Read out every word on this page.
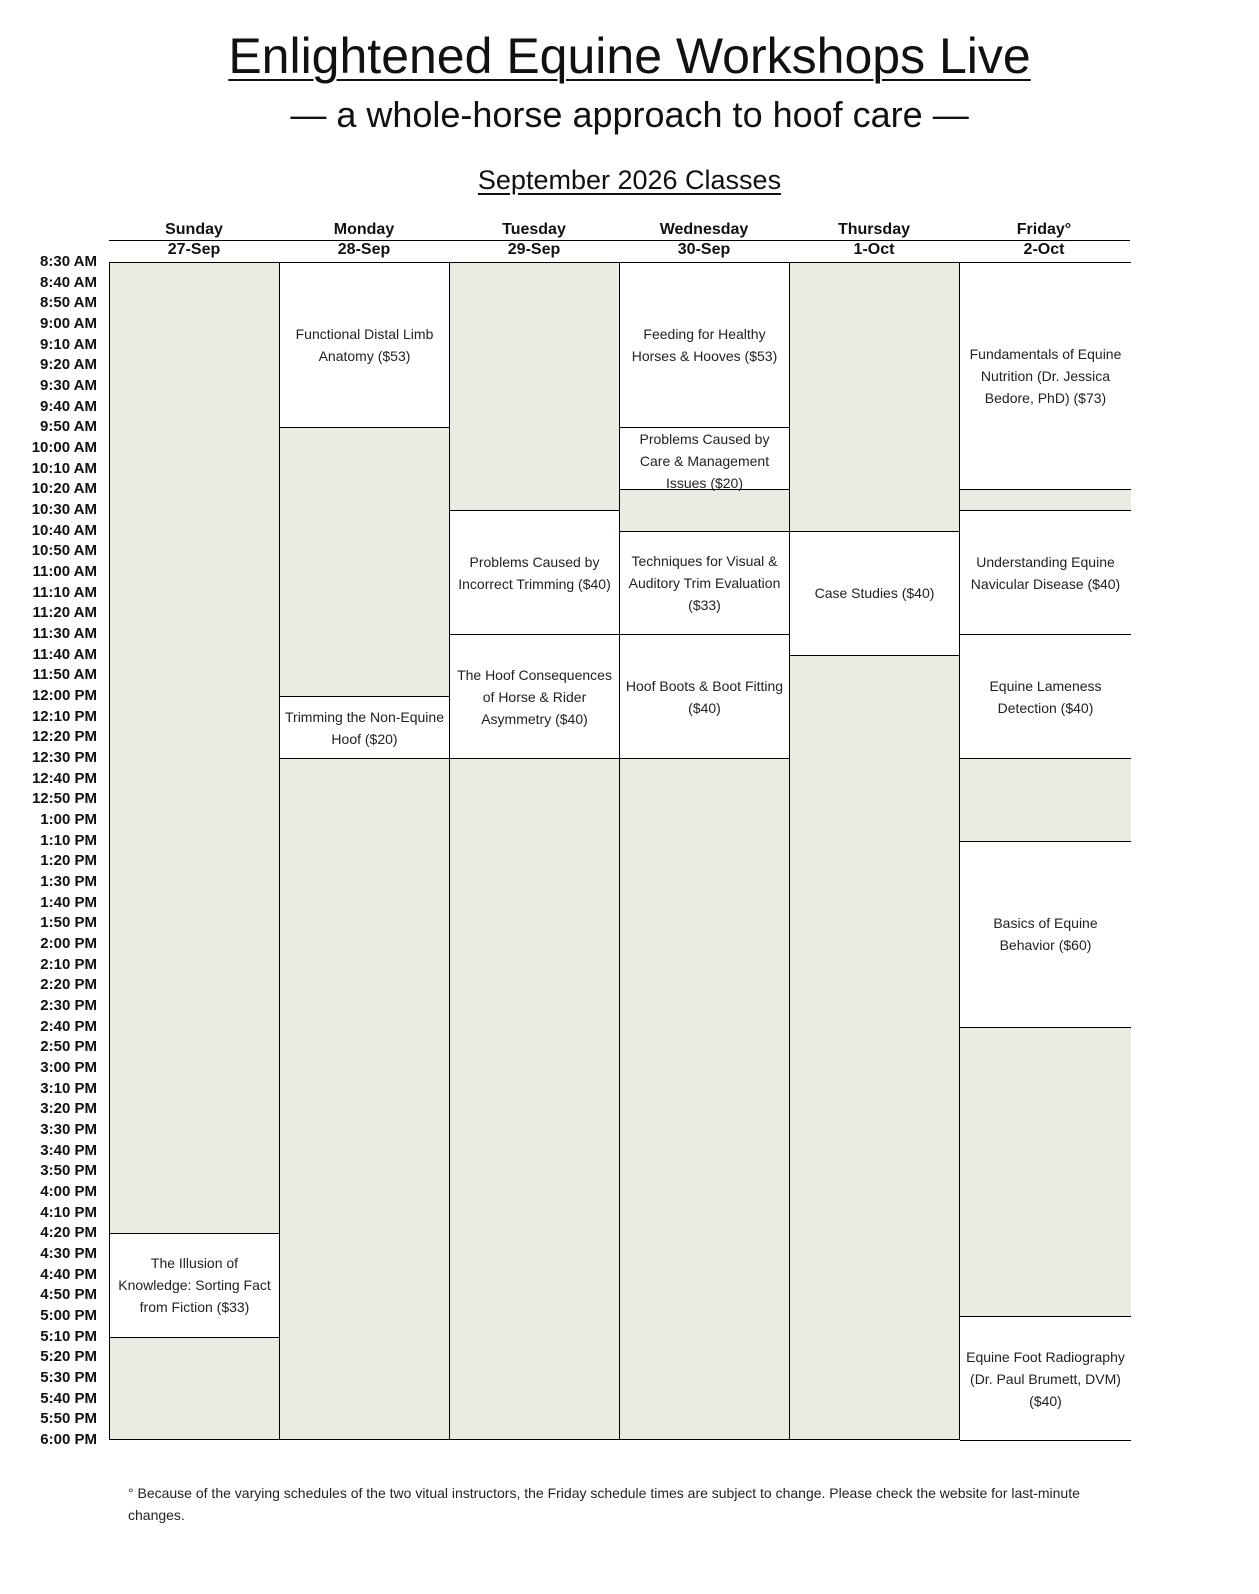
Enlightened Equine Workshops Live
— a whole-horse approach to hoof care —
September 2026 Classes
Sunday
27-Sep
Monday
28-Sep
Tuesday
29-Sep
Wednesday
30-Sep
Thursday
1-Oct
Friday°
2-Oct
8:30 AM
8:40 AM
8:50 AM
9:00 AM
9:10 AM
9:20 AM
9:30 AM
9:40 AM
9:50 AM
10:00 AM
10:10 AM
10:20 AM
10:30 AM
10:40 AM
10:50 AM
11:00 AM
11:10 AM
11:20 AM
11:30 AM
11:40 AM
11:50 AM
12:00 PM
12:10 PM
12:20 PM
12:30 PM
12:40 PM
12:50 PM
1:00 PM
1:10 PM
1:20 PM
1:30 PM
1:40 PM
1:50 PM
2:00 PM
2:10 PM
2:20 PM
2:30 PM
2:40 PM
2:50 PM
3:00 PM
3:10 PM
3:20 PM
3:30 PM
3:40 PM
3:50 PM
4:00 PM
4:10 PM
4:20 PM
4:30 PM
4:40 PM
4:50 PM
5:00 PM
5:10 PM
5:20 PM
5:30 PM
5:40 PM
5:50 PM
6:00 PM
The Illusion of Knowledge: Sorting Fact from Fiction ($33)
Functional Distal Limb Anatomy ($53)
Trimming the Non-Equine Hoof ($20)
Problems Caused by Incorrect Trimming ($40)
The Hoof Consequences of Horse & Rider Asymmetry ($40)
Feeding for Healthy Horses & Hooves ($53)
Problems Caused by Care & Management Issues ($20)
Techniques for Visual & Auditory Trim Evaluation ($33)
Hoof Boots & Boot Fitting ($40)
Case Studies ($40)
Fundamentals of Equine Nutrition (Dr. Jessica Bedore, PhD) ($73)
Understanding Equine Navicular Disease ($40)
Equine Lameness Detection ($40)
Basics of Equine Behavior ($60)
Equine Foot Radiography (Dr. Paul Brumett, DVM) ($40)
° Because of the varying schedules of the two vitual instructors, the Friday schedule times are subject to change. Please check the website for last-minute changes.
